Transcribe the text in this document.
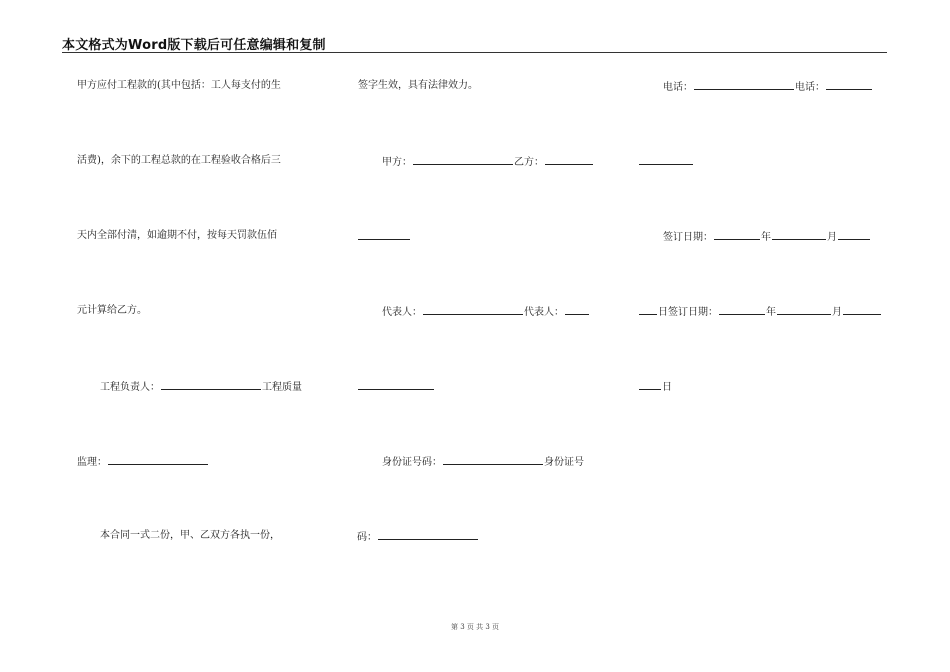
本文格式为Word版下载后可任意编辑和复制
甲方应付工程款的(其中包括：工人每支付的生
活费)，余下的工程总款的在工程验收合格后三
天内全部付清，如逾期不付，按每天罚款伍佰
元计算给乙方。
工程负责人：	工程质量
监理：
本合同一式二份，甲、乙双方各执一份，
签字生效，具有法律效力。
甲方：	乙方：
代表人：	代表人：
身份证号码：	身份证号
码：
电话：	电话：
签订日期：	年	月
日签订日期：	年	月
日
第 3 页 共 3 页
